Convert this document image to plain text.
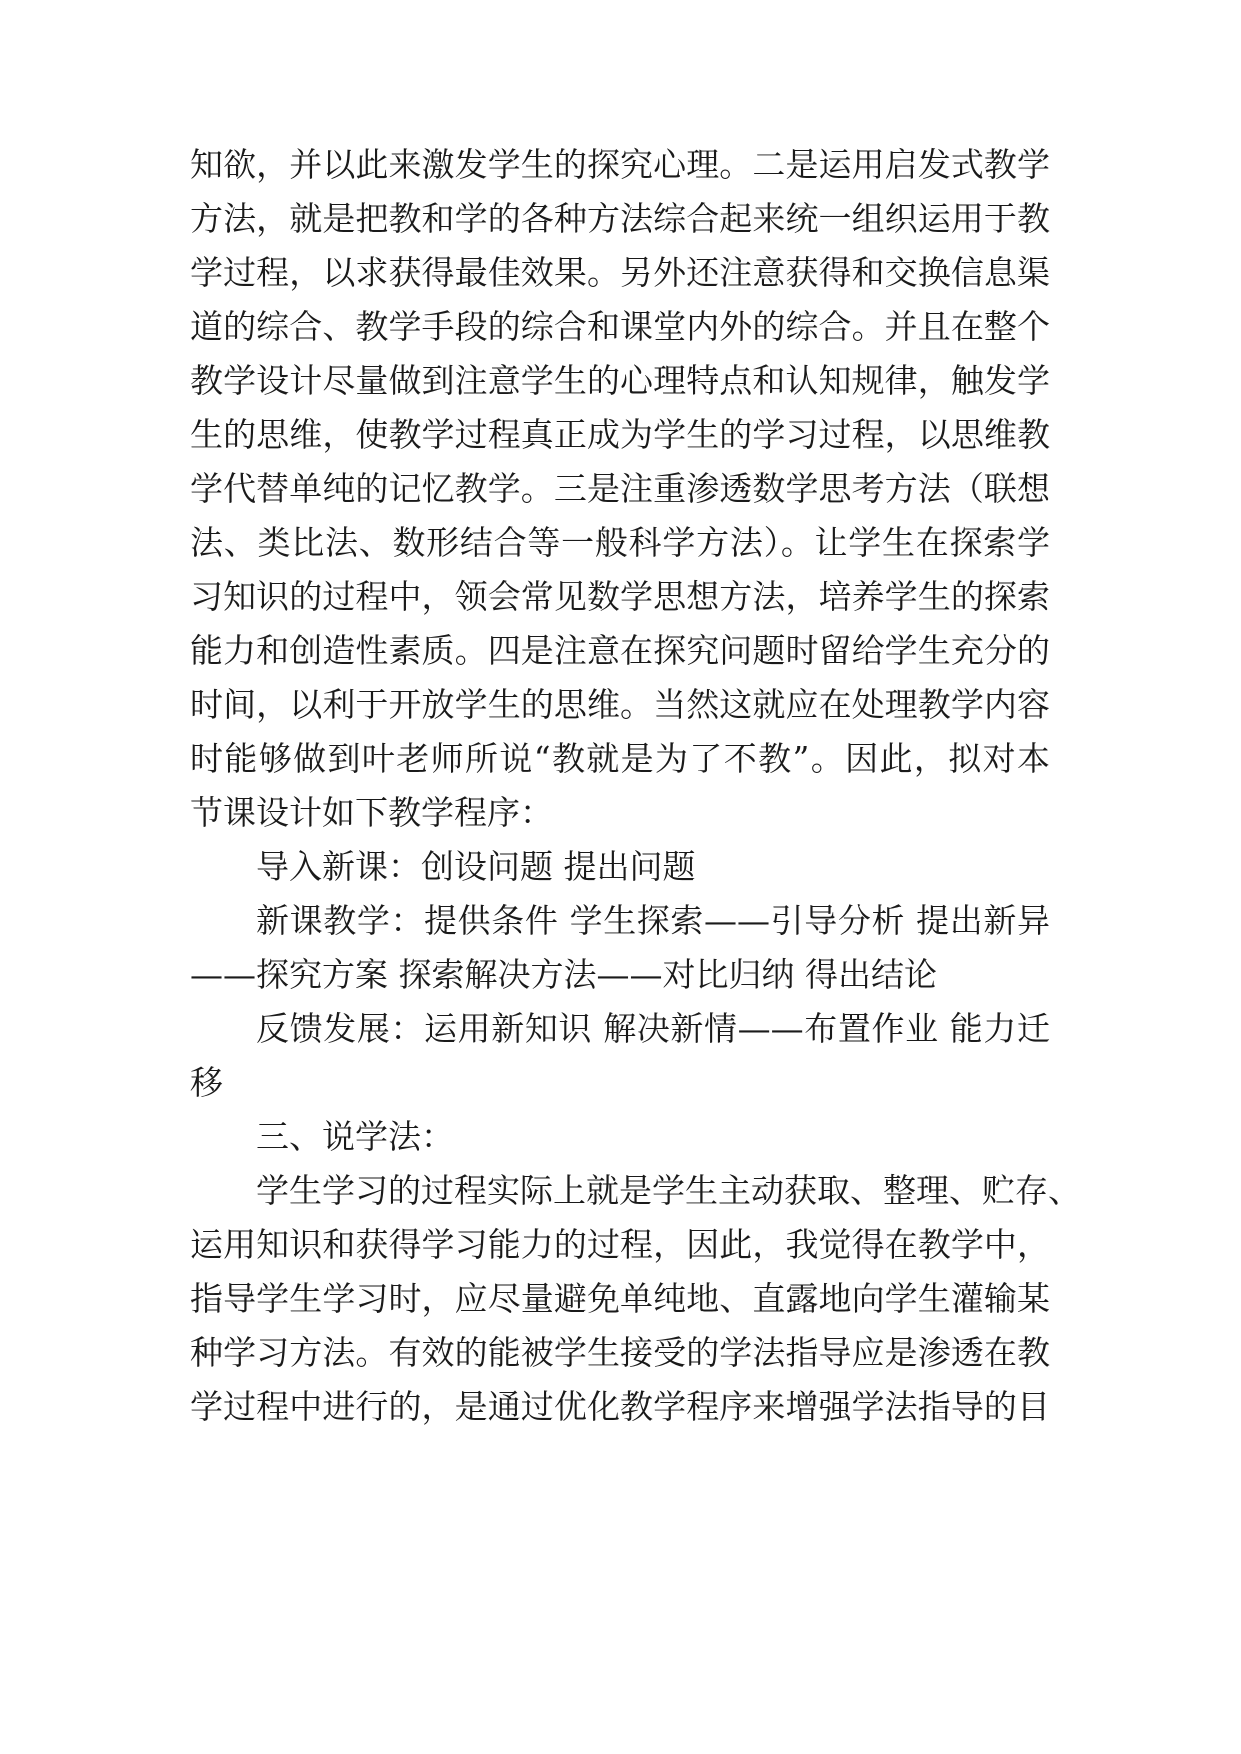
知欲，并以此来激发学生的探究心理。二是运用启发式教学
方法，就是把教和学的各种方法综合起来统一组织运用于教
学过程，以求获得最佳效果。另外还注意获得和交换信息渠
道的综合、教学手段的综合和课堂内外的综合。并且在整个
教学设计尽量做到注意学生的心理特点和认知规律，触发学
生的思维，使教学过程真正成为学生的学习过程，以思维教
学代替单纯的记忆教学。三是注重渗透数学思考方法（联想
法、类比法、数形结合等一般科学方法）。让学生在探索学
习知识的过程中，领会常见数学思想方法，培养学生的探索
能力和创造性素质。四是注意在探究问题时留给学生充分的
时间，以利于开放学生的思维。当然这就应在处理教学内容
时能够做到叶老师所说“教就是为了不教”。因此，拟对本
节课设计如下教学程序：
导入新课：创设问题 提出问题
新课教学：提供条件 学生探索——引导分析 提出新异
——探究方案 探索解决方法——对比归纳 得出结论
反馈发展：运用新知识 解决新情——布置作业 能力迁
移
三、说学法：
学生学习的过程实际上就是学生主动获取、整理、贮存、
运用知识和获得学习能力的过程，因此，我觉得在教学中，
指导学生学习时，应尽量避免单纯地、直露地向学生灌输某
种学习方法。有效的能被学生接受的学法指导应是渗透在教
学过程中进行的，是通过优化教学程序来增强学法指导的目
